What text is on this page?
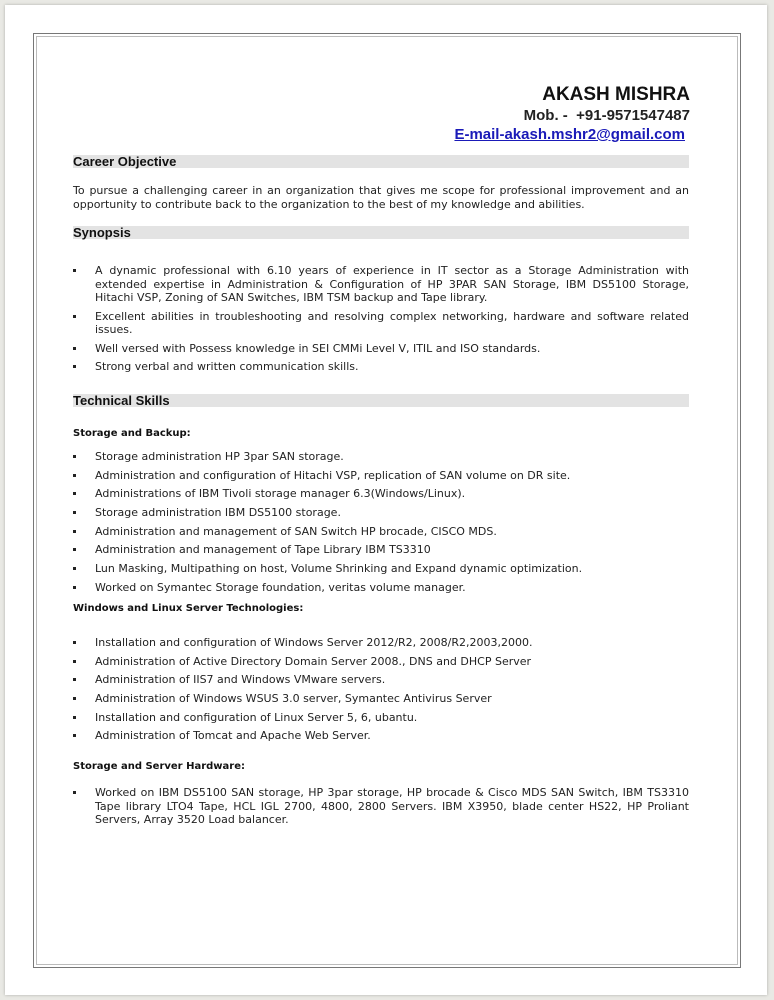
AKASH MISHRA
Mob. -  +91-9571547487
E-mail-akash.mshr2@gmail.com
Career Objective
To pursue a challenging career in an organization that gives me scope for professional improvement and an opportunity to contribute back to the organization to the best of my knowledge and abilities.
Synopsis
A dynamic professional with 6.10 years of experience in IT sector as a Storage Administration with extended expertise in Administration & Configuration of HP 3PAR SAN Storage, IBM DS5100 Storage, Hitachi VSP, Zoning of SAN Switches, IBM TSM backup and Tape library.
Excellent abilities in troubleshooting and resolving complex networking, hardware and software related issues.
Well versed with Possess knowledge in SEI CMMi Level V, ITIL and ISO standards.
Strong verbal and written communication skills.
Technical Skills
Storage and Backup:
Storage administration HP 3par SAN storage.
Administration and configuration of Hitachi VSP, replication of SAN volume on DR site.
Administrations of IBM Tivoli storage manager 6.3(Windows/Linux).
Storage administration IBM DS5100 storage.
Administration and management of SAN Switch HP brocade, CISCO MDS.
Administration and management of Tape Library IBM TS3310
Lun Masking, Multipathing on host, Volume Shrinking and Expand dynamic optimization.
Worked on Symantec Storage foundation, veritas volume manager.
Windows and Linux Server Technologies:
Installation and configuration of Windows Server 2012/R2, 2008/R2,2003,2000.
Administration of Active Directory Domain Server 2008., DNS and DHCP Server
Administration of IIS7 and Windows VMware servers.
Administration of Windows WSUS 3.0 server, Symantec Antivirus Server
Installation and configuration of Linux Server 5, 6, ubantu.
Administration of Tomcat and Apache Web Server.
Storage and Server Hardware:
Worked on IBM DS5100 SAN storage, HP 3par storage, HP brocade & Cisco MDS SAN Switch, IBM TS3310 Tape library LTO4 Tape, HCL IGL 2700, 4800, 2800 Servers. IBM X3950, blade center HS22, HP Proliant Servers, Array 3520 Load balancer.
